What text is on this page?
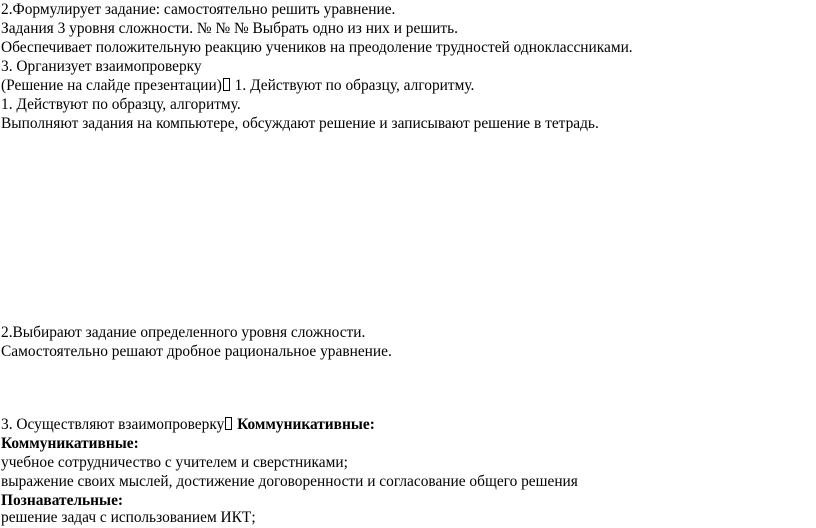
2.Формулирует задание: самостоятельно решить уравнение.
Задания 3 уровня сложности. № № № Выбрать одно из них и решить.
Обеспечивает положительную реакцию учеников на преодоление трудностей одноклассниками.
3. Организует взаимопроверку
(Решение на слайде презентации) 1. Действуют по образцу, алгоритму.
1. Действуют по образцу, алгоритму.
Выполняют задания на компьютере, обсуждают решение и записывают решение в тетрадь.
2.Выбирают задание определенного уровня сложности.
Самостоятельно решают дробное рациональное уравнение.
3. Осуществляют взаимопроверку Коммуникативные:
Коммуникативные:
учебное сотрудничество с учителем и сверстниками;
выражение своих мыслей, достижение договоренности и согласование общего решения
Познавательные:
решение задач с использованием ИКТ;
